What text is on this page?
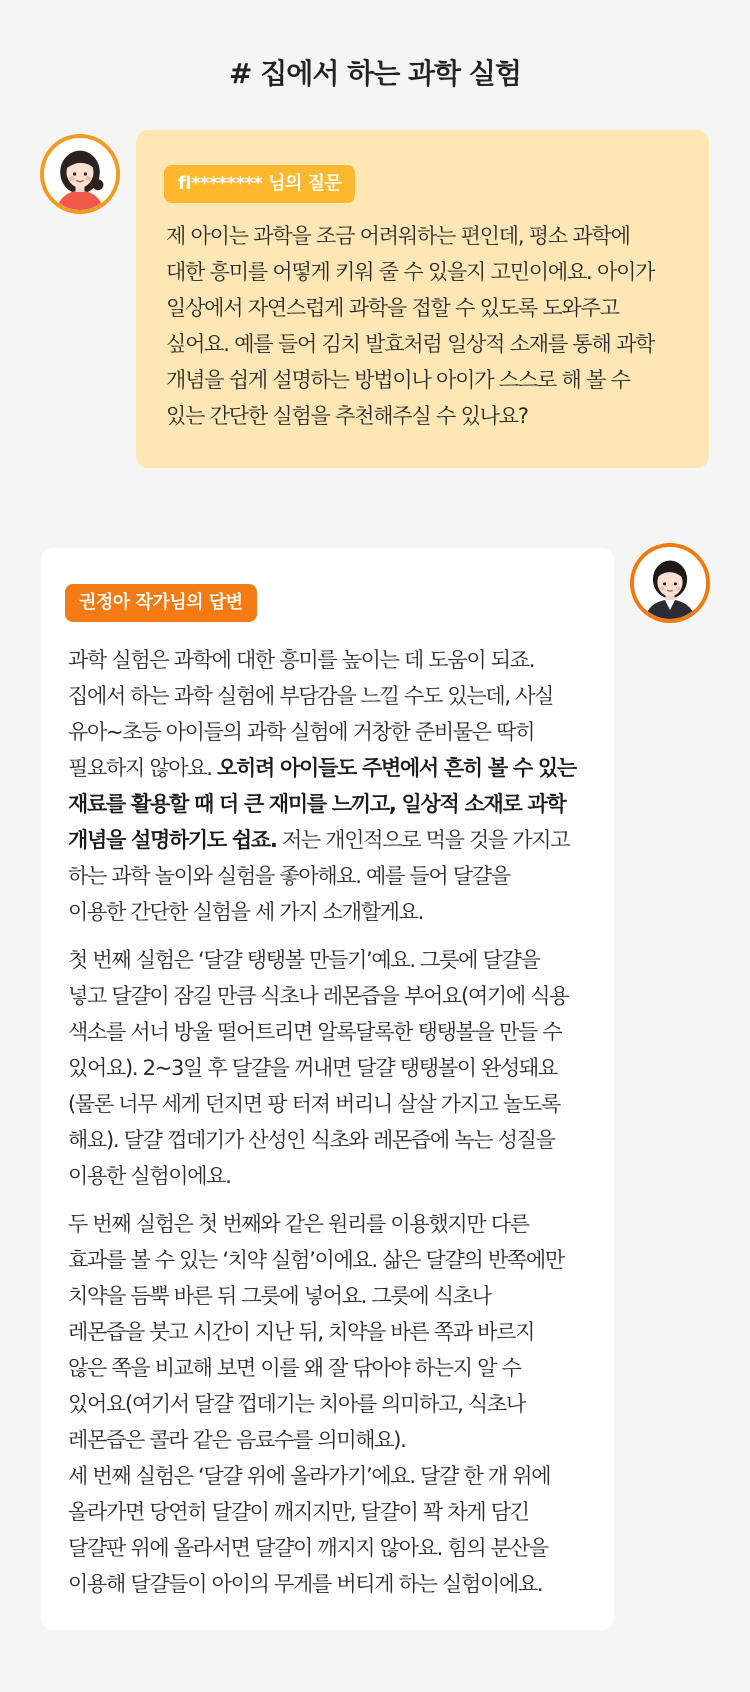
# 집에서 하는 과학 실험
fl******** 님의 질문
제 아이는 과학을 조금 어려워하는 편인데, 평소 과학에
대한 흥미를 어떻게 키워 줄 수 있을지 고민이에요. 아이가
일상에서 자연스럽게 과학을 접할 수 있도록 도와주고
싶어요. 예를 들어 김치 발효처럼 일상적 소재를 통해 과학
개념을 쉽게 설명하는 방법이나 아이가 스스로 해 볼 수
있는 간단한 실험을 추천해주실 수 있나요?
권정아 작가님의 답변

과학 실험은 과학에 대한 흥미를 높이는 데 도움이 되죠.
집에서 하는 과학 실험에 부담감을 느낄 수도 있는데, 사실
유아~초등 아이들의 과학 실험에 거창한 준비물은 딱히
필요하지 않아요. 오히려 아이들도 주변에서 흔히 볼 수 있는
재료를 활용할 때 더 큰 재미를 느끼고, 일상적 소재로 과학
개념을 설명하기도 쉽죠. 저는 개인적으로 먹을 것을 가지고
하는 과학 놀이와 실험을 좋아해요. 예를 들어 달걀을
이용한 간단한 실험을 세 가지 소개할게요.

첫 번째 실험은 ‘달걀 탱탱볼 만들기’예요. 그릇에 달걀을
넣고 달걀이 잠길 만큼 식초나 레몬즙을 부어요(여기에 식용
색소를 서너 방울 떨어트리면 알록달록한 탱탱볼을 만들 수
있어요). 2~3일 후 달걀을 꺼내면 달걀 탱탱볼이 완성돼요
(물론 너무 세게 던지면 팡 터져 버리니 살살 가지고 놀도록
해요). 달걀 껍데기가 산성인 식초와 레몬즙에 녹는 성질을
이용한 실험이에요.

두 번째 실험은 첫 번째와 같은 원리를 이용했지만 다른
효과를 볼 수 있는 ‘치약 실험’이에요. 삶은 달걀의 반쪽에만
치약을 듬뿍 바른 뒤 그릇에 넣어요. 그릇에 식초나
레몬즙을 붓고 시간이 지난 뒤, 치약을 바른 쪽과 바르지
않은 쪽을 비교해 보면 이를 왜 잘 닦아야 하는지 알 수
있어요(여기서 달걀 껍데기는 치아를 의미하고, 식초나
레몬즙은 콜라 같은 음료수를 의미해요).

세 번째 실험은 ‘달걀 위에 올라가기’에요. 달걀 한 개 위에
올라가면 당연히 달걀이 깨지지만, 달걀이 꽉 차게 담긴
달걀판 위에 올라서면 달걀이 깨지지 않아요. 힘의 분산을
이용해 달걀들이 아이의 무게를 버티게 하는 실험이에요.
